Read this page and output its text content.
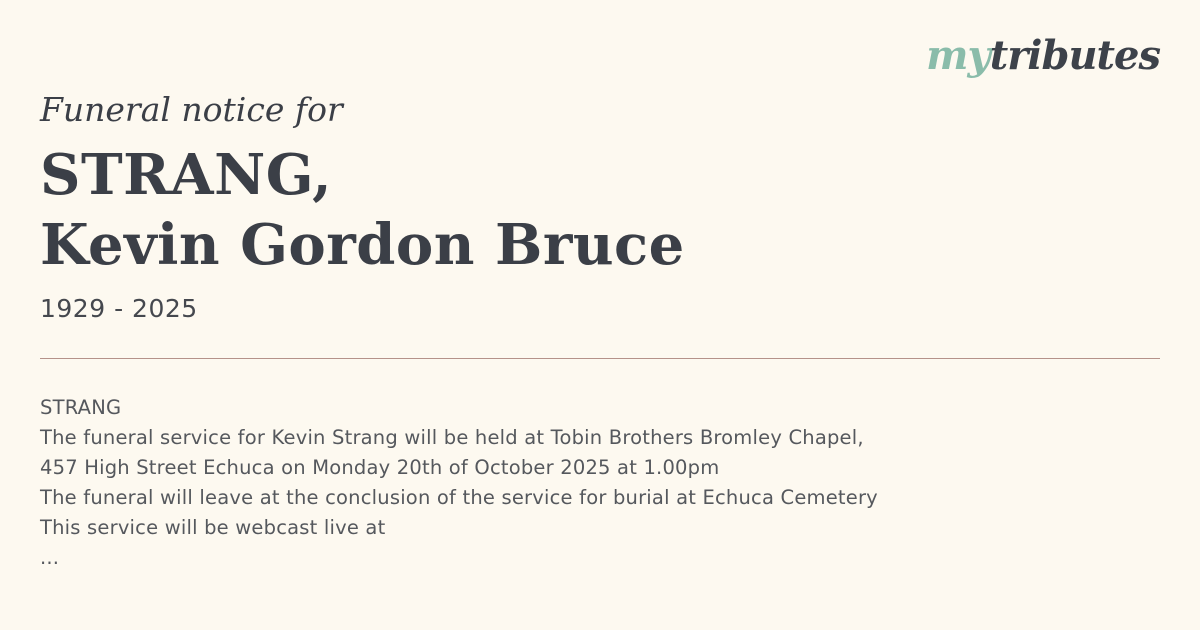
mytributes
Funeral notice for
STRANG,
Kevin Gordon Bruce
1929 - 2025
STRANG
The funeral service for Kevin Strang will be held at Tobin Brothers Bromley Chapel,
457 High Street Echuca on Monday 20th of October 2025 at 1.00pm
The funeral will leave at the conclusion of the service for burial at Echuca Cemetery
This service will be webcast live at
...
